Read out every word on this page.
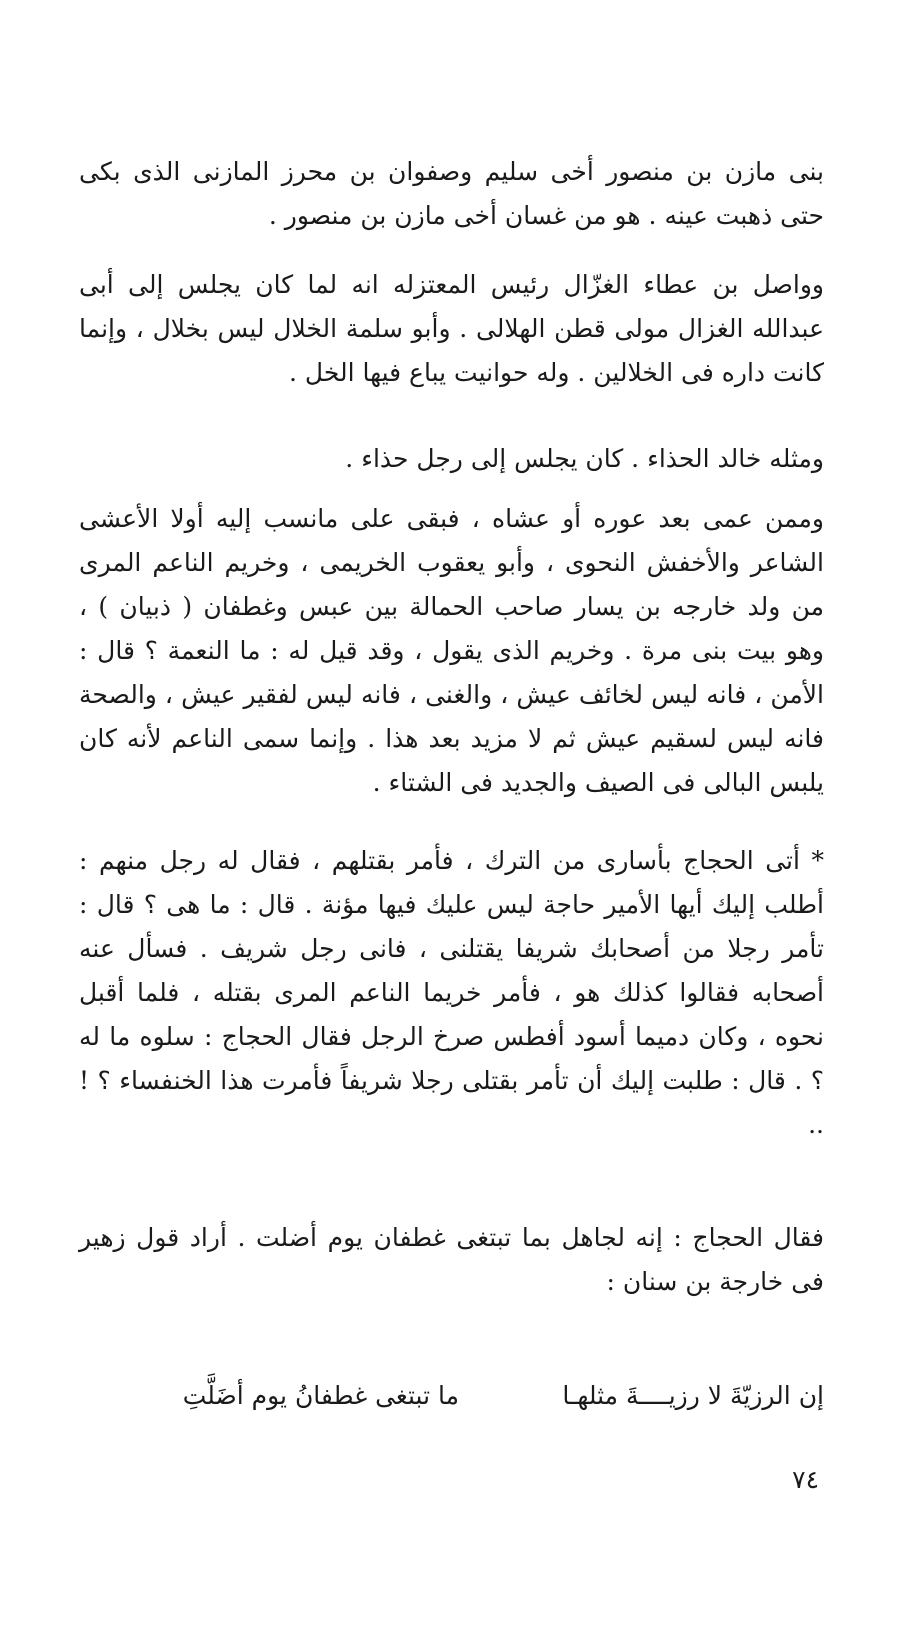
بنى مازن بن منصور أخى سليم وصفوان بن محرز المازنى الذى بكى حتى ذهبت عينه . هو من غسان أخى مازن بن منصور .

وواصل بن عطاء الغزّال رئيس المعتزله انه لما كان يجلس إلى أبى عبدالله الغزال مولى قطن الهلالى . وأبو سلمة الخلال ليس بخلال ، وإنما كانت داره فى الخلالين . وله حوانيت يباع فيها الخل .

ومثله خالد الحذاء . كان يجلس إلى رجل حذاء .

وممن عمى بعد عوره أو عشاه ، فبقى على مانسب إليه أولا الأعشى الشاعر والأخفش النحوى ، وأبو يعقوب الخريمى ، وخريم الناعم المرى من ولد خارجه بن يسار صاحب الحمالة بين عبس وغطفان ( ذبيان ) ، وهو بيت بنى مرة . وخريم الذى يقول ، وقد قيل له : ما النعمة ؟ قال : الأمن ، فانه ليس لخائف عيش ، والغنى ، فانه ليس لفقير عيش ، والصحة فانه ليس لسقيم عيش ثم لا مزيد بعد هذا . وإنما سمى الناعم لأنه كان يلبس البالى فى الصيف والجديد فى الشتاء .

* أتى الحجاج بأسارى من الترك ، فأمر بقتلهم ، فقال له رجل منهم : أطلب إليك أيها الأمير حاجة ليس عليك فيها مؤنة . قال : ما هى ؟ قال : تأمر رجلا من أصحابك شريفا يقتلنى ، فانى رجل شريف . فسأل عنه أصحابه فقالوا كذلك هو ، فأمر خريما الناعم المرى بقتله ، فلما أقبل نحوه ، وكان دميما أسود أفطس صرخ الرجل فقال الحجاج : سلوه ما له ؟ . قال : طلبت إليك أن تأمر بقتلى رجلا شريفاً فأمرت هذا الخنفساء ؟ ! ..

فقال الحجاج : إنه لجاهل بما تبتغى غطفان يوم أضلت . أراد قول زهير فى خارجة بن سنان :

إن الرزيّةَ لا رزيــــةَ مثلهـا
ما تبتغى غطفانُ يوم أضَلَّتِ
٧٤
